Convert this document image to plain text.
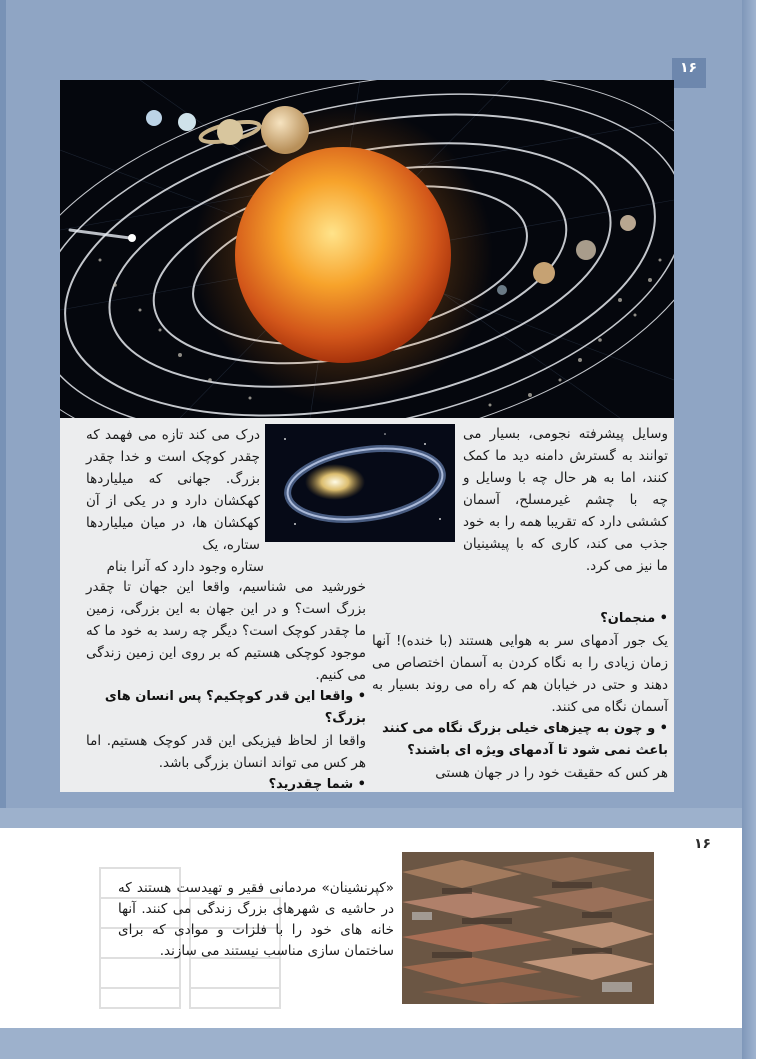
۱۶

وسایل پیشرفته نجومی، بسیار می توانند به گسترش دامنه دید ما کمک کنند، اما به هر حال چه با وسایل و چه با چشم غیرمسلح، آسمان کششی دارد که تقریبا همه را به خود جذب می کند، کاری که با پیشینیان ما نیز می کرد.

• منجمان؟

یک جور آدمهای سر به هوایی هستند (با خنده)! آنها زمان زیادی را به نگاه کردن به آسمان اختصاص می دهند و حتی در خیابان هم که راه می روند بسیار به آسمان نگاه می کنند.

• و چون به چیزهای خیلی بزرگ نگاه می کنند باعث نمی شود تا آدمهای ویژه ای باشند؟

هر کس که حقیقت خود را در جهان هستی

درک می کند تازه می فهمد که چقدر کوچک است و خدا چقدر بزرگ. جهانی که میلیاردها کهکشان دارد و در یکی از آن کهکشان ها، در میان میلیاردها ستاره، یک

ستاره وجود دارد که آنرا بنام

خورشید می شناسیم، واقعا این جهان تا چقدر بزرگ است؟ و در این جهان به این بزرگی، زمین ما چقدر کوچک است؟ دیگر چه رسد به خود ما که موجود کوچکی هستیم که بر روی این زمین زندگی می کنیم.

• واقعا این قدر کوچکیم؟ پس انسان های بزرگ؟

واقعا از لحاظ فیزیکی این قدر کوچک هستیم. اما هر کس می تواند انسان بزرگی باشد.

• شما چقدرید؟

۱۶

«کپرنشینان» مردمانی فقیر و تهیدست هستند که در حاشیه ی شهرهای بزرگ زندگی می کنند. آنها خانه های خود را با فلزات و موادی که برای ساختمان سازی مناسب نیستند می سازند.
